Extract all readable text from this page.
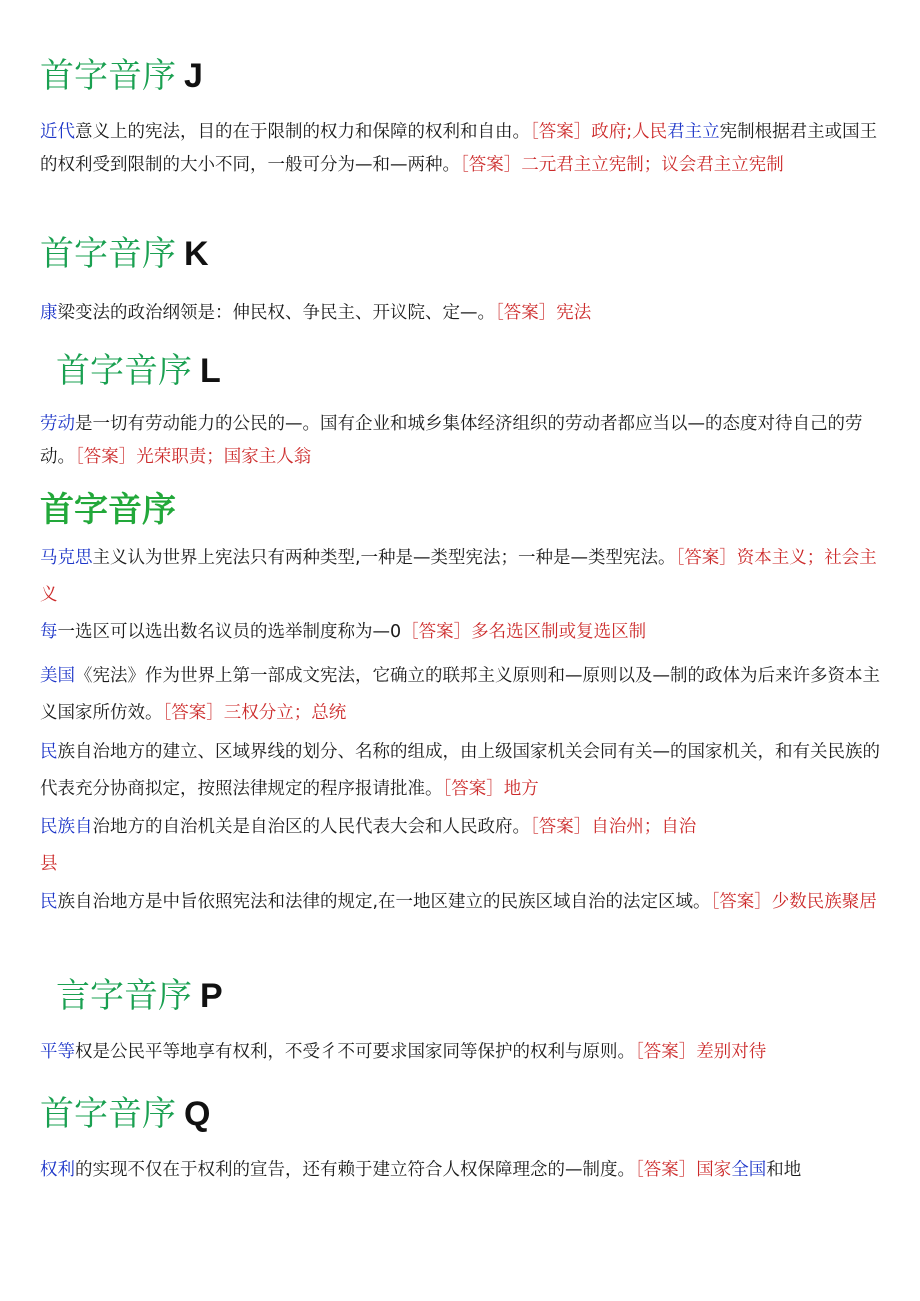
首字音序 J
近代意义上的宪法，目的在于限制的权力和保障的权利和自由。［答案］政府;人民君主立宪制根据君主或国王的权利受到限制的大小不同，一般可分为—和—两种。［答案］二元君主立宪制；议会君主立宪制
首字音序 K
康梁变法的政治纲领是：伸民权、争民主、开议院、定—。［答案］宪法
首字音序 L
劳动是一切有劳动能力的公民的—。国有企业和城乡集体经济组织的劳动者都应当以—的态度对待自己的劳动。［答案］光荣职责；国家主人翁
首字音序
马克思主义认为世界上宪法只有两种类型,一种是—类型宪法；一种是—类型宪法。［答案］资本主义；社会主义
每一选区可以选出数名议员的选举制度称为—0［答案］多名选区制或复选区制
美国《宪法》作为世界上第一部成文宪法，它确立的联邦主义原则和—原则以及—制的政体为后来许多资本主义国家所仿效。［答案］三权分立；总统
民族自治地方的建立、区域界线的划分、名称的组成，由上级国家机关会同有关—的国家机关，和有关民族的代表充分协商拟定，按照法律规定的程序报请批准。［答案］地方
民族自治地方的自治机关是自治区的人民代表大会和人民政府。［答案］自治州；自治
县
民族自治地方是中旨依照宪法和法律的规定,在一地区建立的民族区域自治的法定区域。［答案］少数民族聚居
言字音序 P
平等权是公民平等地享有权利，不受彳不可要求国家同等保护的权利与原则。［答案］差别对待
首字音序 Q
权利的实现不仅在于权利的宣告，还有赖于建立符合人权保障理念的—制度。［答案］国家全国和地
